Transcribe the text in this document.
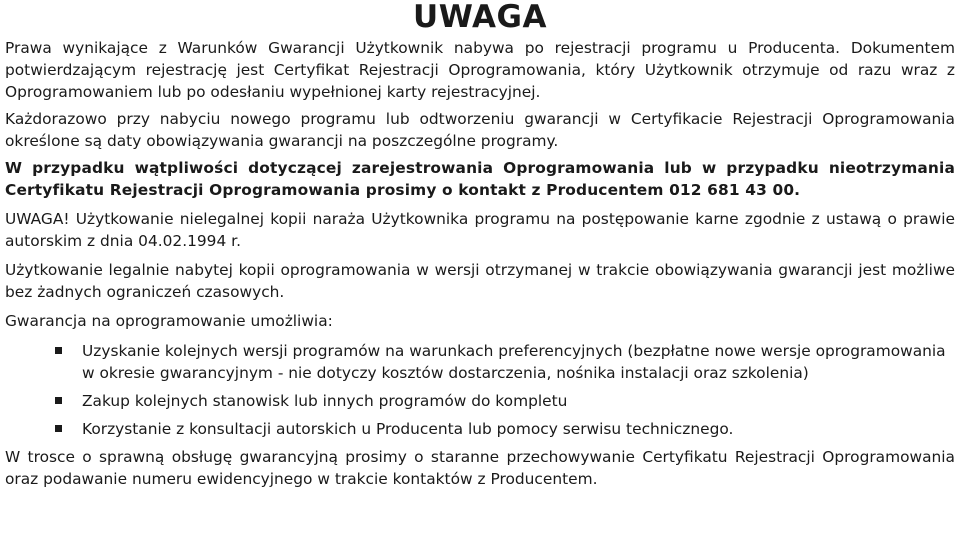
UWAGA

Prawa wynikające z Warunków Gwarancji Użytkownik nabywa po rejestracji programu u Producenta. Dokumentem potwierdzającym rejestrację jest Certyfikat Rejestracji Oprogramowania, który Użytkownik otrzymuje od razu wraz z Oprogramowaniem lub po odesłaniu wypełnionej karty rejestracyjnej.

Każdorazowo przy nabyciu nowego programu lub odtworzeniu gwarancji w Certyfikacie Rejestracji Oprogramowania określone są daty obowiązywania gwarancji na poszczególne programy.

W przypadku wątpliwości dotyczącej zarejestrowania Oprogramowania lub w przypadku nieotrzymania Certyfikatu Rejestracji Oprogramowania prosimy o kontakt z Producentem 012 681 43 00.

UWAGA! Użytkowanie nielegalnej kopii naraża Użytkownika programu na postępowanie karne zgodnie z ustawą o prawie autorskim z dnia 04.02.1994 r.

Użytkowanie legalnie nabytej kopii oprogramowania w wersji otrzymanej w trakcie obowiązywania gwarancji jest możliwe bez żadnych ograniczeń czasowych.

Gwarancja na oprogramowanie umożliwia:

Uzyskanie kolejnych wersji programów na warunkach preferencyjnych (bezpłatne nowe wersje oprogramowania
w okresie gwarancyjnym - nie dotyczy kosztów dostarczenia, nośnika instalacji oraz szkolenia)
Zakup kolejnych stanowisk lub innych programów do kompletu
Korzystanie z konsultacji autorskich u Producenta lub pomocy serwisu technicznego.

W trosce o sprawną obsługę gwarancyjną prosimy o staranne przechowywanie Certyfikatu Rejestracji Oprogramowania oraz podawanie numeru ewidencyjnego w trakcie kontaktów z Producentem.
